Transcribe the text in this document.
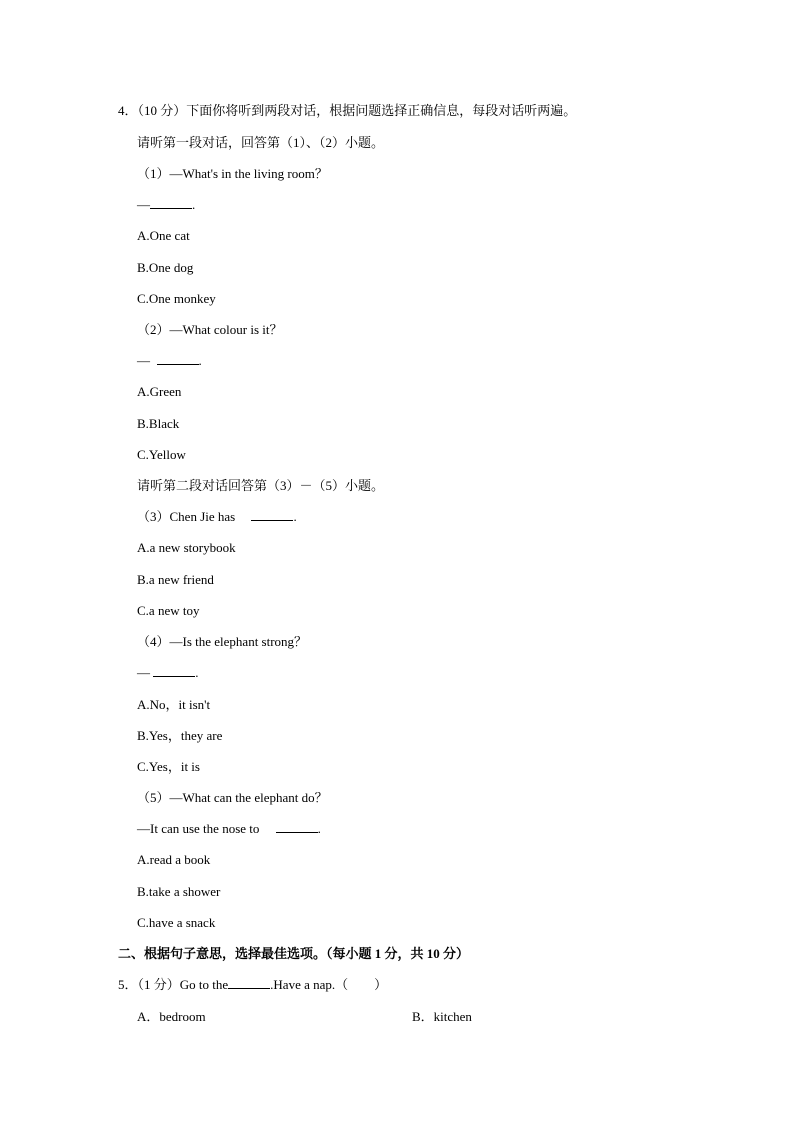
4．（10 分）下面你将听到两段对话，根据问题选择正确信息，每段对话听两遍。
请听第一段对话，回答第（1）、（2）小题。
（1）—What's in the living room？
—	.
A.One cat
B.One dog
C.One monkey
（2）—What colour is it？
—	.
A.Green
B.Black
C.Yellow
请听第二段对话回答第（3）－（5）小题。
（3）Chen Jie has	.
A.a new storybook
B.a new friend
C.a new toy
（4）—Is the elephant strong？
—	.
A.No，it isn't
B.Yes，they are
C.Yes，it is
（5）—What can the elephant do？
—It can use the nose to	.
A.read a book
B.take a shower
C.have a snack
二、根据句子意思，选择最佳选项。（每小题 1 分，共 10 分）
5．（1 分）Go to the	.Have a nap.（　　）
A．bedroom	B．kitchen
